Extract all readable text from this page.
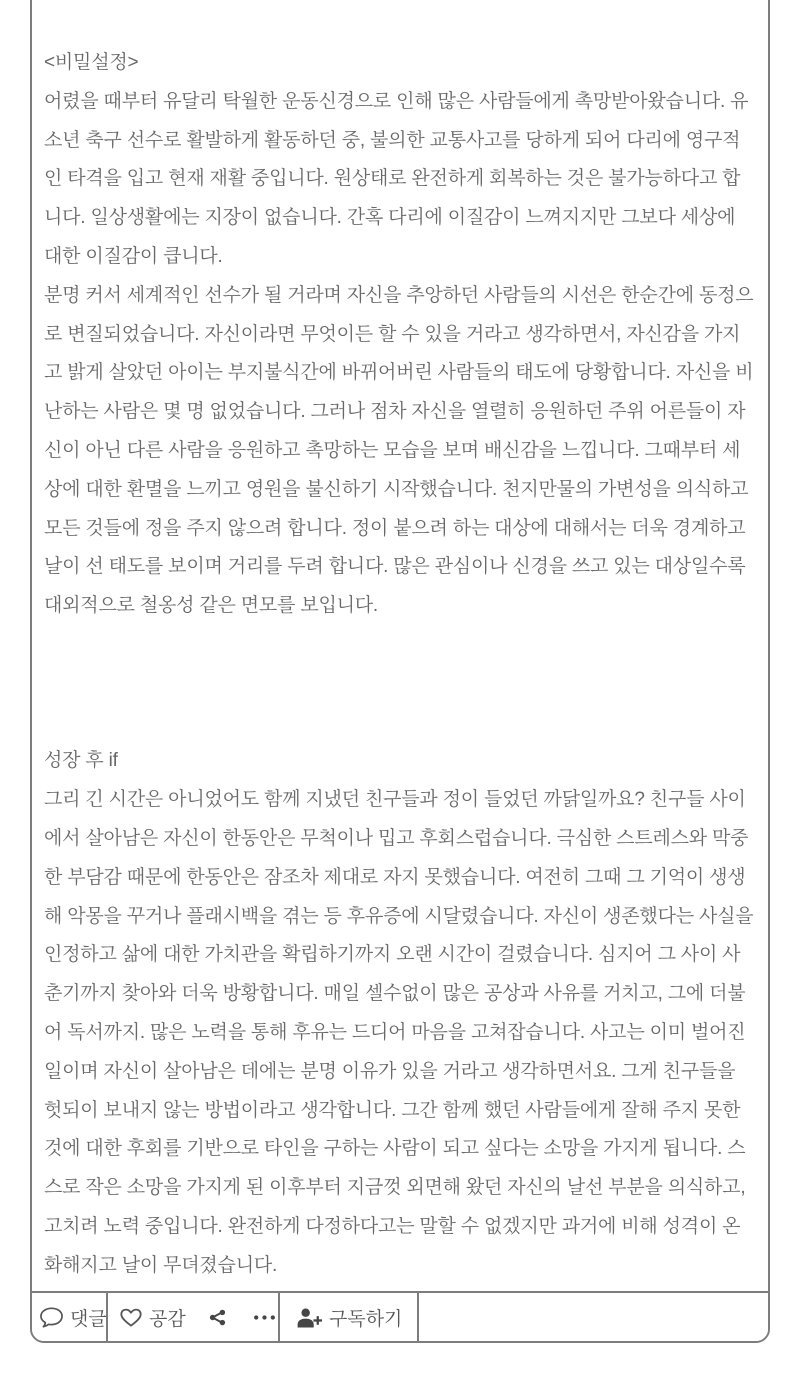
<비밀설정>
어렸을 때부터 유달리 탁월한 운동신경으로 인해 많은 사람들에게 촉망받아왔습니다. 유소년 축구 선수로 활발하게 활동하던 중, 불의한 교통사고를 당하게 되어 다리에 영구적인 타격을 입고 현재 재활 중입니다. 원상태로 완전하게 회복하는 것은 불가능하다고 합니다. 일상생활에는 지장이 없습니다. 간혹 다리에 이질감이 느껴지지만 그보다 세상에 대한 이질감이 큽니다.
분명 커서 세계적인 선수가 될 거라며 자신을 추앙하던 사람들의 시선은 한순간에 동정으로 변질되었습니다. 자신이라면 무엇이든 할 수 있을 거라고 생각하면서, 자신감을 가지고 밝게 살았던 아이는 부지불식간에 바뀌어버린 사람들의 태도에 당황합니다. 자신을 비난하는 사람은 몇 명 없었습니다. 그러나 점차 자신을 열렬히 응원하던 주위 어른들이 자신이 아닌 다른 사람을 응원하고 촉망하는 모습을 보며 배신감을 느낍니다. 그때부터 세상에 대한 환멸을 느끼고 영원을 불신하기 시작했습니다. 천지만물의 가변성을 의식하고 모든 것들에 정을 주지 않으려 합니다. 정이 붙으려 하는 대상에 대해서는 더욱 경계하고 날이 선 태도를 보이며 거리를 두려 합니다. 많은 관심이나 신경을 쓰고 있는 대상일수록 대외적으로 철옹성 같은 면모를 보입니다.

성장 후 if
그리 긴 시간은 아니었어도 함께 지냈던 친구들과 정이 들었던 까닭일까요? 친구들 사이에서 살아남은 자신이 한동안은 무척이나 밉고 후회스럽습니다. 극심한 스트레스와 막중한 부담감 때문에 한동안은 잠조차 제대로 자지 못했습니다. 여전히 그때 그 기억이 생생해 악몽을 꾸거나 플래시백을 겪는 등 후유증에 시달렸습니다. 자신이 생존했다는 사실을 인정하고 삶에 대한 가치관을 확립하기까지 오랜 시간이 걸렸습니다. 심지어 그 사이 사춘기까지 찾아와 더욱 방황합니다. 매일 셀수없이 많은 공상과 사유를 거치고, 그에 더불어 독서까지. 많은 노력을 통해 후유는 드디어 마음을 고쳐잡습니다. 사고는 이미 벌어진 일이며 자신이 살아남은 데에는 분명 이유가 있을 거라고 생각하면서요. 그게 친구들을 헛되이 보내지 않는 방법이라고 생각합니다. 그간 함께 했던 사람들에게 잘해 주지 못한 것에 대한 후회를 기반으로 타인을 구하는 사람이 되고 싶다는 소망을 가지게 됩니다. 스스로 작은 소망을 가지게 된 이후부터 지금껏 외면해 왔던 자신의 날선 부분을 의식하고, 고치려 노력 중입니다. 완전하게 다정하다고는 말할 수 없겠지만 과거에 비해 성격이 온화해지고 날이 무뎌졌습니다.
댓글 공감	구독하기
